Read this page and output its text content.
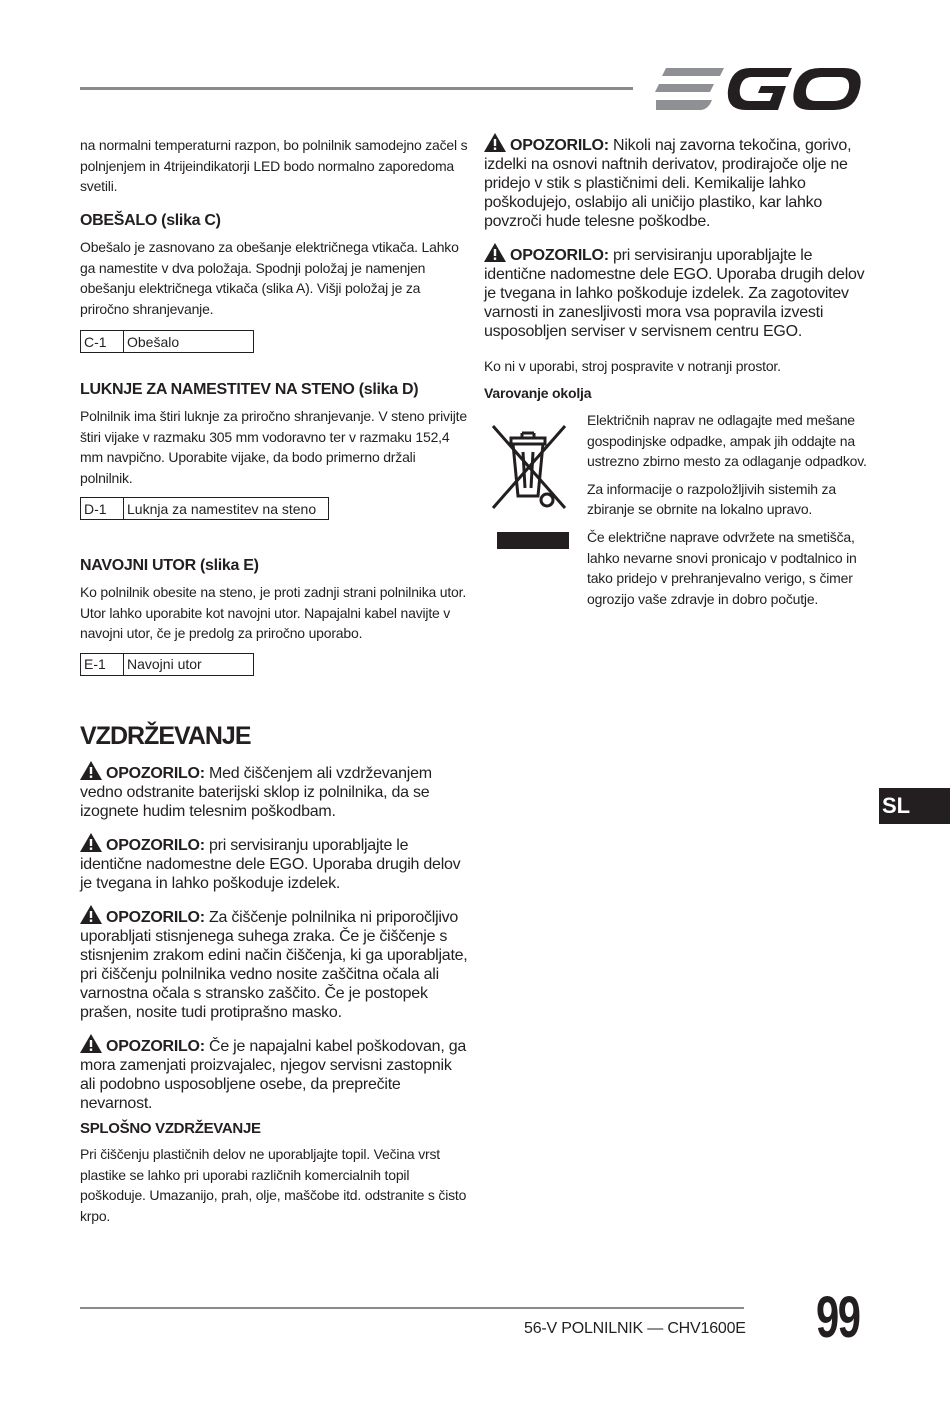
na normalni temperaturni razpon, bo polnilnik samodejno začel s polnjenjem in 4trijeindikatorji LED bodo normalno zaporedoma svetili.

OBEŠALO (slika C)

Obešalo je zasnovano za obešanje električnega vtikača. Lahko ga namestite v dva položaja. Spodnji položaj je namenjen obešanju električnega vtikača (slika A). Višji položaj je za priročno shranjevanje.

C-1	Obešalo

LUKNJE ZA NAMESTITEV NA STENO (slika D)

Polnilnik ima štiri luknje za priročno shranjevanje. V steno privijte štiri vijake v razmaku 305 mm vodoravno ter v razmaku 152,4 mm navpično. Uporabite vijake, da bodo primerno držali polnilnik.

D-1	Luknja za namestitev na steno

NAVOJNI UTOR (slika E)

Ko polnilnik obesite na steno, je proti zadnji strani polnilnika utor. Utor lahko uporabite kot navojni utor. Napajalni kabel navijte v navojni utor, če je predolg za priročno uporabo.

E-1	Navojni utor

VZDRŽEVANJE

OPOZORILO: Med čiščenjem ali vzdrževanjem vedno odstranite baterijski sklop iz polnilnika, da se izognete hudim telesnim poškodbam.

OPOZORILO: pri servisiranju uporabljajte le identične nadomestne dele EGO. Uporaba drugih delov je tvegana in lahko poškoduje izdelek.

OPOZORILO: Za čiščenje polnilnika ni priporočljivo uporabljati stisnjenega suhega zraka. Če je čiščenje s stisnjenim zrakom edini način čiščenja, ki ga uporabljate, pri čiščenju polnilnika vedno nosite zaščitna očala ali varnostna očala s stransko zaščito. Če je postopek prašen, nosite tudi protiprašno masko.

OPOZORILO: Če je napajalni kabel poškodovan, ga mora zamenjati proizvajalec, njegov servisni zastopnik ali podobno usposobljene osebe, da preprečite nevarnost.

SPLOŠNO VZDRŽEVANJE

Pri čiščenju plastičnih delov ne uporabljajte topil. Večina vrst plastike se lahko pri uporabi različnih komercialnih topil poškoduje. Umazanijo, prah, olje, maščobe itd. odstranite s čisto krpo.

OPOZORILO: Nikoli naj zavorna tekočina, gorivo, izdelki na osnovi naftnih derivatov, prodirajoče olje ne pridejo v stik s plastičnimi deli. Kemikalije lahko poškodujejo, oslabijo ali uničijo plastiko, kar lahko povzroči hude telesne poškodbe.

OPOZORILO: pri servisiranju uporabljajte le identične nadomestne dele EGO. Uporaba drugih delov je tvegana in lahko poškoduje izdelek. Za zagotovitev varnosti in zanesljivosti mora vsa popravila izvesti usposobljen serviser v servisnem centru EGO.

Ko ni v uporabi, stroj pospravite v notranji prostor.

Varovanje okolja

Električnih naprav ne odlagajte med mešane gospodinjske odpadke, ampak jih oddajte na ustrezno zbirno mesto za odlaganje odpadkov.

Za informacije o razpoložljivih sistemih za zbiranje se obrnite na lokalno upravo.

Če električne naprave odvržete na smetišča, lahko nevarne snovi pronicajo v podtalnico in tako pridejo v prehranjevalno verigo, s čimer ogrozijo vaše zdravje in dobro počutje.

SL
56-V POLNILNIK — CHV1600E 99
